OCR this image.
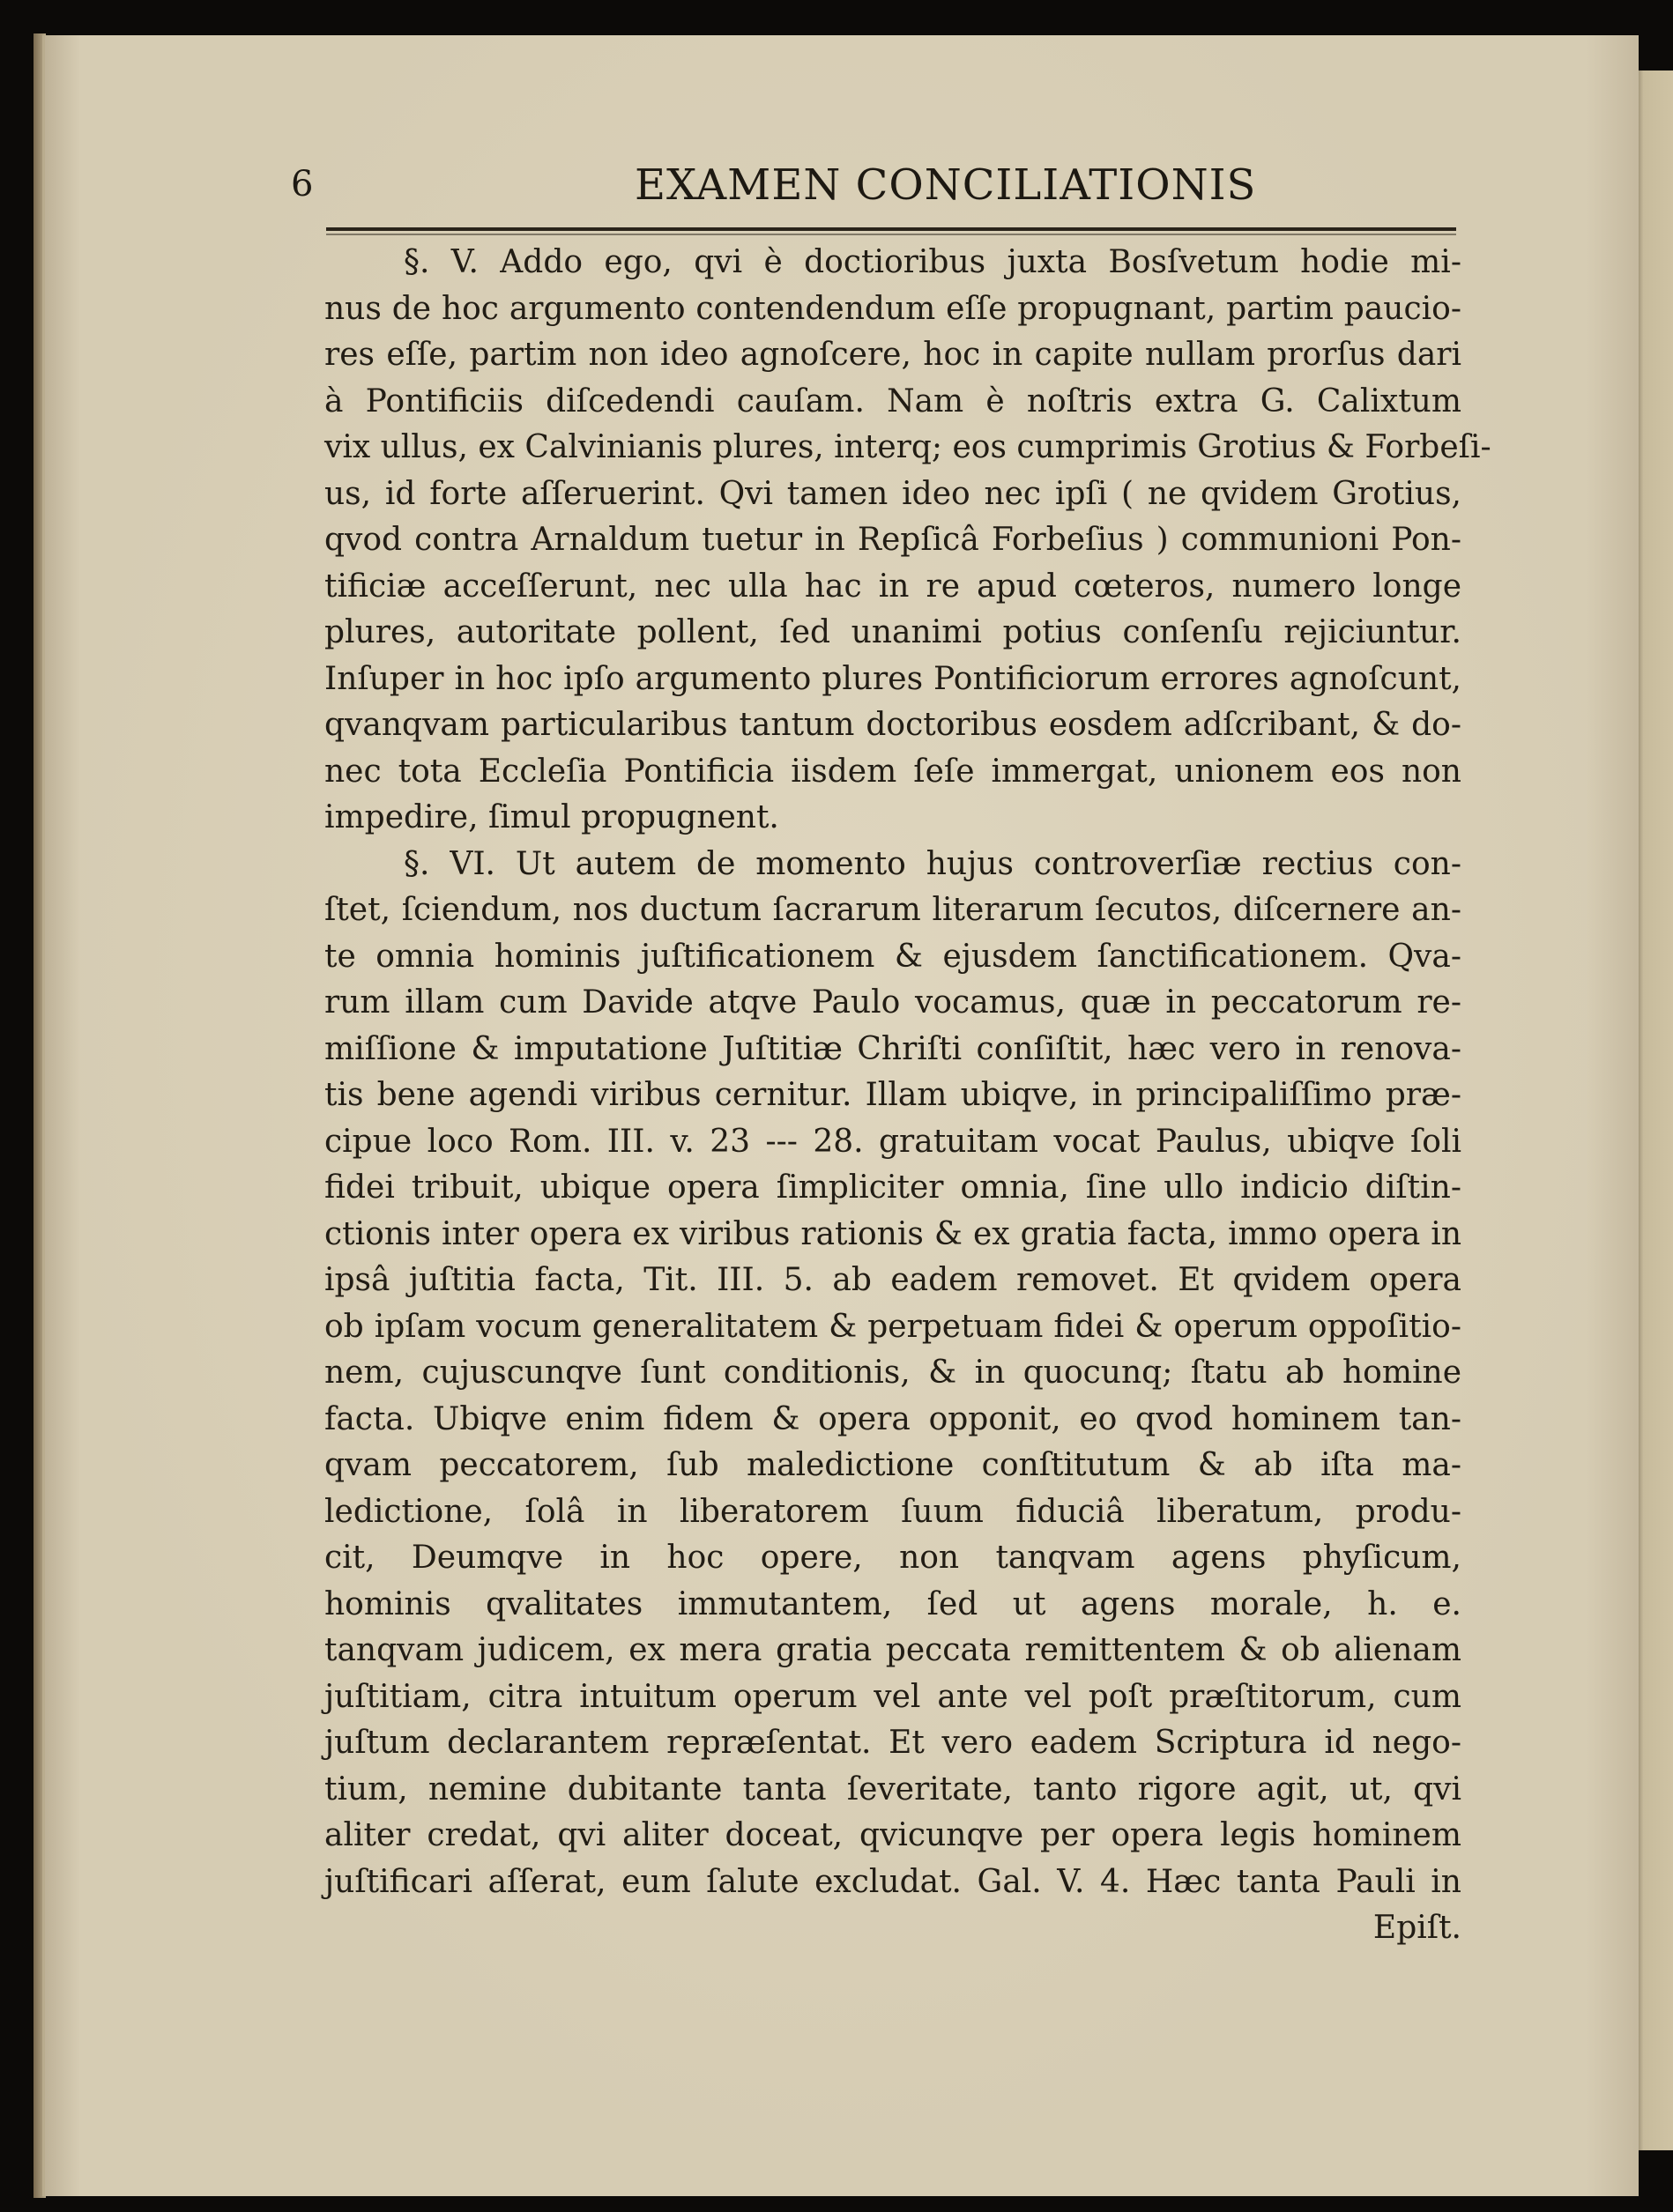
6	EXAMEN CONCILIATIONIS
§. V. Addo ego, qvi è doctioribus juxta Bosſvetum hodie mi-
nus de hoc argumento contendendum eſſe propugnant, partim paucio-
res eſſe, partim non ideo agnoſcere, hoc in capite nullam prorſus dari
à Pontificiis diſcedendi cauſam. Nam è noſtris extra G. Calixtum
vix ullus, ex Calvinianis plures, interq; eos cumprimis Grotius & Forbeſi-
us, id forte aſſeruerint. Qvi tamen ideo nec ipſi ( ne qvidem Grotius,
qvod contra Arnaldum tuetur in Repſicâ Forbeſius ) communioni Pon-
tificiæ acceſſerunt, nec ulla hac in re apud cœteros, numero longe
plures, autoritate pollent, ſed unanimi potius conſenſu rejiciuntur.
Inſuper in hoc ipſo argumento plures Pontificiorum errores agnoſcunt,
qvanqvam particularibus tantum doctoribus eosdem adſcribant, & do-
nec tota Eccleſia Pontificia iisdem ſeſe immergat, unionem eos non
impedire, ſimul propugnent.
§. VI. Ut autem de momento hujus controverſiæ rectius con-
ſtet, ſciendum, nos ductum ſacrarum literarum ſecutos, diſcernere an-
te omnia hominis juſtificationem & ejusdem ſanctificationem. Qva-
rum illam cum Davide atqve Paulo vocamus, quæ in peccatorum re-
miſſione & imputatione Juſtitiæ Chriſti conſiſtit, hæc vero in renova-
tis bene agendi viribus cernitur. Illam ubiqve, in principaliſſimo præ-
cipue loco Rom. III. v. 23 --- 28. gratuitam vocat Paulus, ubiqve ſoli
fidei tribuit, ubique opera ſimpliciter omnia, ſine ullo indicio diſtin-
ctionis inter opera ex viribus rationis & ex gratia facta, immo opera in
ipsâ juſtitia facta, Tit. III. 5. ab eadem removet. Et qvidem opera
ob ipſam vocum generalitatem & perpetuam fidei & operum oppoſitio-
nem, cujuscunqve ſunt conditionis, & in quocunq; ſtatu ab homine
facta. Ubiqve enim fidem & opera opponit, eo qvod hominem tan-
qvam peccatorem, ſub maledictione conſtitutum & ab iſta ma-
ledictione, ſolâ in liberatorem ſuum fiduciâ liberatum, produ-
cit, Deumqve in hoc opere, non tanqvam agens phyſicum,
hominis qvalitates immutantem, ſed ut agens morale, h. e.
tanqvam judicem, ex mera gratia peccata remittentem & ob alienam
juſtitiam, citra intuitum operum vel ante vel poſt præſtitorum, cum
juſtum declarantem repræſentat. Et vero eadem Scriptura id nego-
tium, nemine dubitante tanta ſeveritate, tanto rigore agit, ut, qvi
aliter credat, qvi aliter doceat, qvicunqve per opera legis hominem
juſtificari aſſerat, eum ſalute excludat. Gal. V. 4. Hæc tanta Pauli in
Epiſt.
